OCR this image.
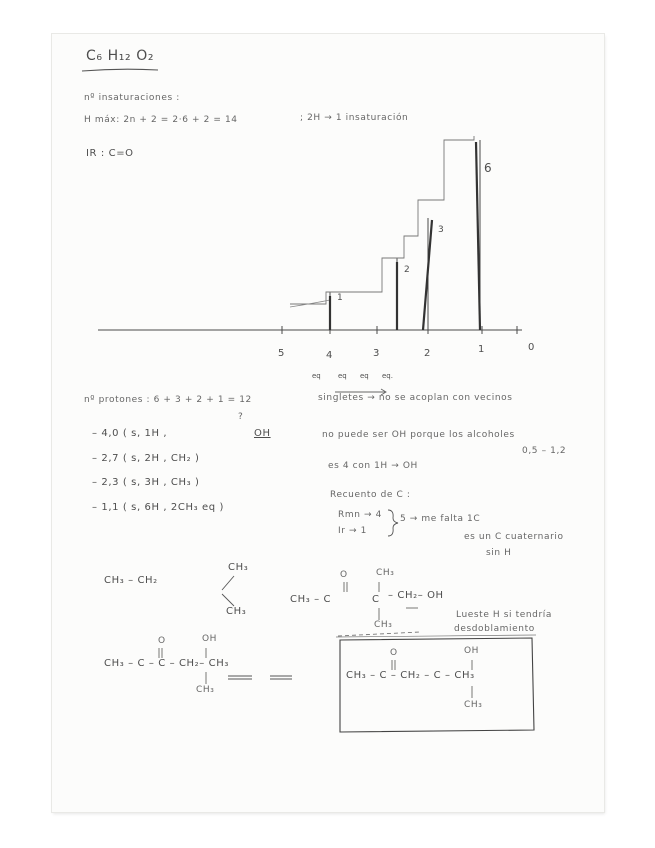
C₆ H₁₂ O₂
nº insaturaciones :
H máx: 2n + 2 = 2·6 + 2 = 14	; 2H → 1 insaturación
IR : C=O
5	4	3	2	1	0
1
2
3
6
eq eq eq eq.
nº protones : 6 + 3 + 2 + 1 = 12	singletes → no se acoplan con vecinos
– 4,0 ( s, 1H ,	OH
?
no puede ser OH porque los alcoholes
0,5 – 1,2
– 2,7 ( s, 2H , CH₂ )
es 4 con 1H → OH
– 2,3 ( s, 3H , CH₃ )
– 1,1 ( s, 6H , 2CH₃ eq )
Recuento de C :
Rmn → 4
Ir → 1
5 → me falta 1C
es un C cuaternario
sin H
CH₃ – CH₂
CH₃
CH₃
CH₃ – C	C – CH₂– OH
O	CH₃
CH₃
Lueste H si tendría
desdoblamiento
CH₃ – C – C – CH₂– CH₃
O	OH
CH₃
CH₃ – C – CH₂ – C – CH₃
O	OH
CH₃
